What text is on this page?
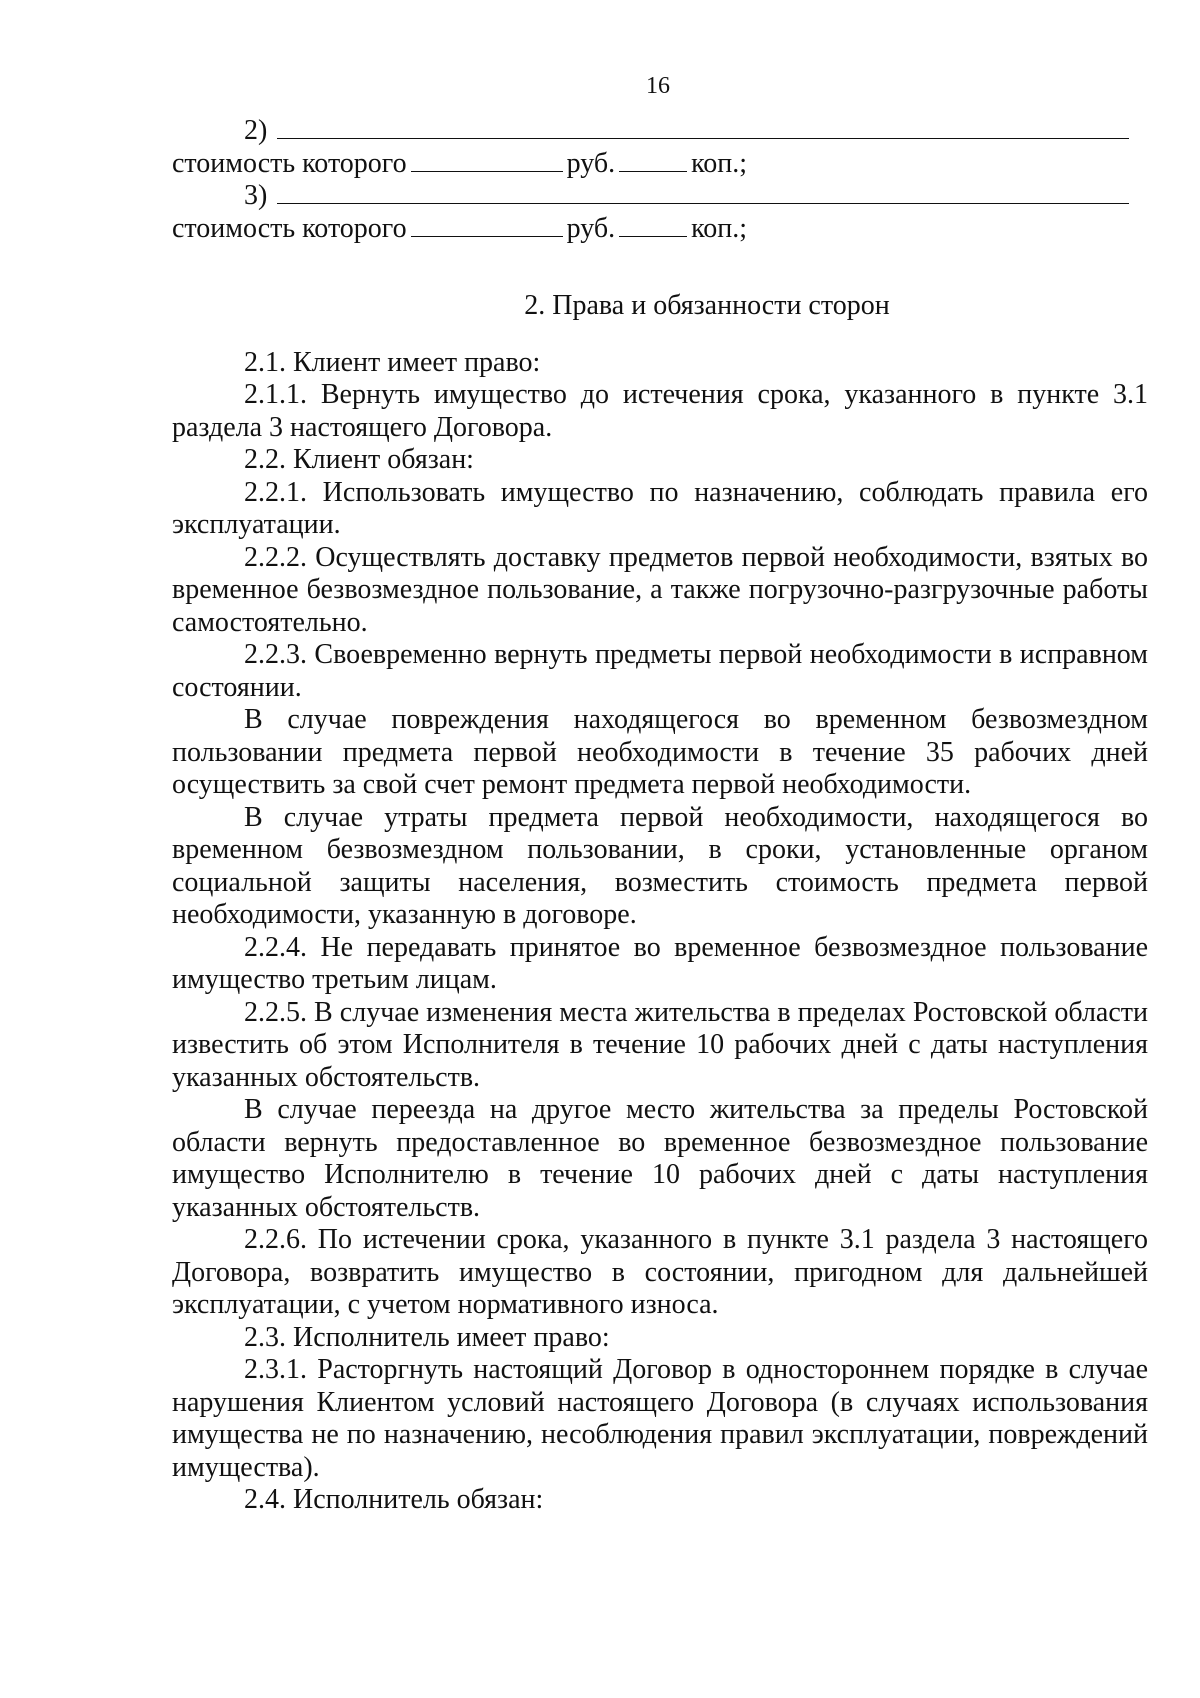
16
2)
стоимость которого	руб.	коп.;
3)
стоимость которого	руб.	коп.;
2. Права и обязанности сторон

2.1. Клиент имеет право:

2.1.1. Вернуть имущество до истечения срока, указанного в пункте 3.1 раздела 3 настоящего Договора.

2.2. Клиент обязан:

2.2.1. Использовать имущество по назначению, соблюдать правила его эксплуатации.

2.2.2. Осуществлять доставку предметов первой необходимости, взятых во временное безвозмездное пользование, а также погрузочно-разгрузочные работы самостоятельно.

2.2.3. Своевременно вернуть предметы первой необходимости в исправном состоянии.

В случае повреждения находящегося во временном безвозмездном пользовании предмета первой необходимости в течение 35 рабочих дней осуществить за свой счет ремонт предмета первой необходимости.

В случае утраты предмета первой необходимости, находящегося во временном безвозмездном пользовании, в сроки, установленные органом социальной защиты населения, возместить стоимость предмета первой необходимости, указанную в договоре.

2.2.4. Не передавать принятое во временное безвозмездное пользование имущество третьим лицам.

2.2.5. В случае изменения места жительства в пределах Ростовской области известить об этом Исполнителя в течение 10 рабочих дней с даты наступления указанных обстоятельств.

В случае переезда на другое место жительства за пределы Ростовской области вернуть предоставленное во временное безвозмездное пользование имущество Исполнителю в течение 10 рабочих дней с даты наступления указанных обстоятельств.

2.2.6. По истечении срока, указанного в пункте 3.1 раздела 3 настоящего Договора, возвратить имущество в состоянии, пригодном для дальнейшей эксплуатации, с учетом нормативного износа.

2.3. Исполнитель имеет право:

2.3.1. Расторгнуть настоящий Договор в одностороннем порядке в случае нарушения Клиентом условий настоящего Договора (в случаях использования имущества не по назначению, несоблюдения правил эксплуатации, повреждений имущества).

2.4. Исполнитель обязан:
